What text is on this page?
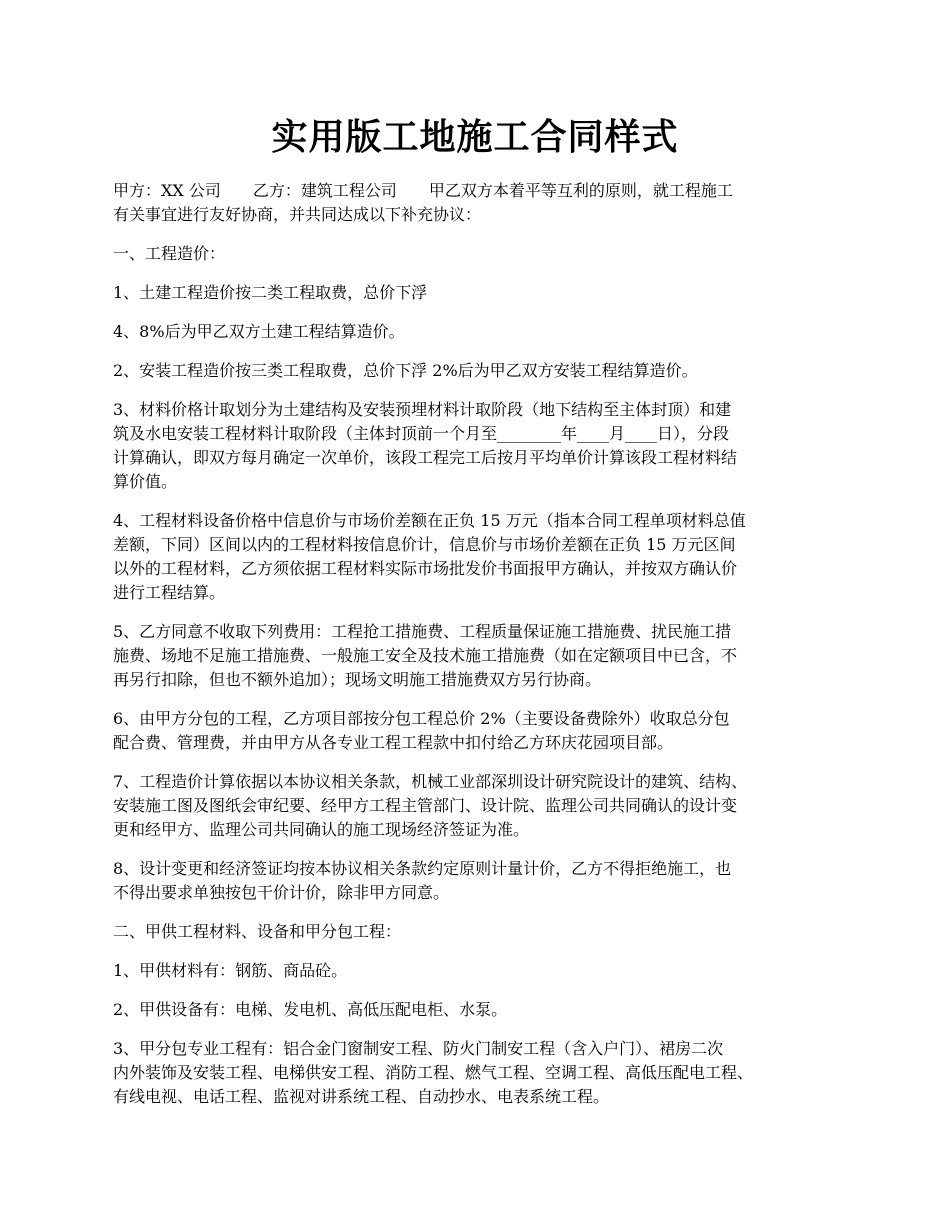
实用版工地施工合同样式
甲方：XX 公司　　乙方：建筑工程公司　　甲乙双方本着平等互利的原则，就工程施工
有关事宜进行友好协商，并共同达成以下补充协议：
一、工程造价：
1、土建工程造价按二类工程取费，总价下浮
4、8%后为甲乙双方土建工程结算造价。
2、安装工程造价按三类工程取费，总价下浮 2%后为甲乙双方安装工程结算造价。
3、材料价格计取划分为土建结构及安装预埋材料计取阶段（地下结构至主体封顶）和建
筑及水电安装工程材料计取阶段（主体封顶前一个月至________年____月____日），分段
计算确认，即双方每月确定一次单价，该段工程完工后按月平均单价计算该段工程材料结
算价值。
4、工程材料设备价格中信息价与市场价差额在正负 15 万元（指本合同工程单项材料总值
差额，下同）区间以内的工程材料按信息价计，信息价与市场价差额在正负 15 万元区间
以外的工程材料，乙方须依据工程材料实际市场批发价书面报甲方确认，并按双方确认价
进行工程结算。
5、乙方同意不收取下列费用：工程抢工措施费、工程质量保证施工措施费、扰民施工措
施费、场地不足施工措施费、一般施工安全及技术施工措施费（如在定额项目中已含，不
再另行扣除，但也不额外追加）；现场文明施工措施费双方另行协商。
6、由甲方分包的工程，乙方项目部按分包工程总价 2%（主要设备费除外）收取总分包
配合费、管理费，并由甲方从各专业工程工程款中扣付给乙方环庆花园项目部。
7、工程造价计算依据以本协议相关条款，机械工业部深圳设计研究院设计的建筑、结构、
安装施工图及图纸会审纪要、经甲方工程主管部门、设计院、监理公司共同确认的设计变
更和经甲方、监理公司共同确认的施工现场经济签证为准。
8、设计变更和经济签证均按本协议相关条款约定原则计量计价，乙方不得拒绝施工，也
不得出要求单独按包干价计价，除非甲方同意。
二、甲供工程材料、设备和甲分包工程：
1、甲供材料有：钢筋、商品砼。
2、甲供设备有：电梯、发电机、高低压配电柜、水泵。
3、甲分包专业工程有：铝合金门窗制安工程、防火门制安工程（含入户门）、裙房二次
内外装饰及安装工程、电梯供安工程、消防工程、燃气工程、空调工程、高低压配电工程、
有线电视、电话工程、监视对讲系统工程、自动抄水、电表系统工程。
